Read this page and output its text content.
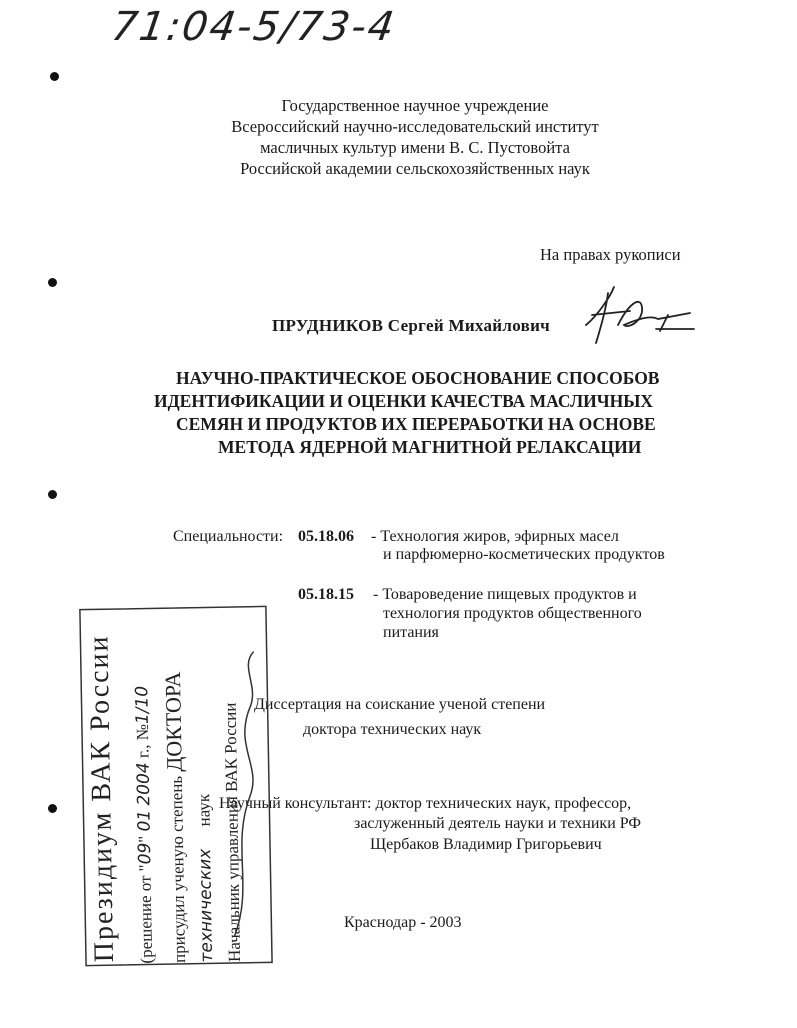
71:04-5/73-4
Государственное научное учреждение
Всероссийский научно-исследовательский институт
масличных культур имени В. С. Пустовойта
Российской академии сельскохозяйственных наук
На правах рукописи
ПРУДНИКОВ Сергей Михайлович
НАУЧНО-ПРАКТИЧЕСКОЕ ОБОСНОВАНИЕ СПОСОБОВ
ИДЕНТИФИКАЦИИ И ОЦЕНКИ КАЧЕСТВА МАСЛИЧНЫХ
СЕМЯН И ПРОДУКТОВ ИХ ПЕРЕРАБОТКИ НА ОСНОВЕ
МЕТОДА ЯДЕРНОЙ МАГНИТНОЙ РЕЛАКСАЦИИ
Специальности: 05.18.06 - Технология жиров, эфирных масел
и парфюмерно-косметических продуктов
05.18.15 - Товароведение пищевых продуктов и
технология продуктов общественного
питания
Диссертация на соискание ученой степени
доктора технических наук
Научный консультант: доктор технических наук, профессор,
заслуженный деятель науки и техники РФ
Щербаков Владимир Григорьевич
Краснодар - 2003
Президиум ВАК России (решение от "09" 01 2004 г., №1/10
присудил ученую степень ДОКТОРА
технических наук Начальник управления ВАК России
